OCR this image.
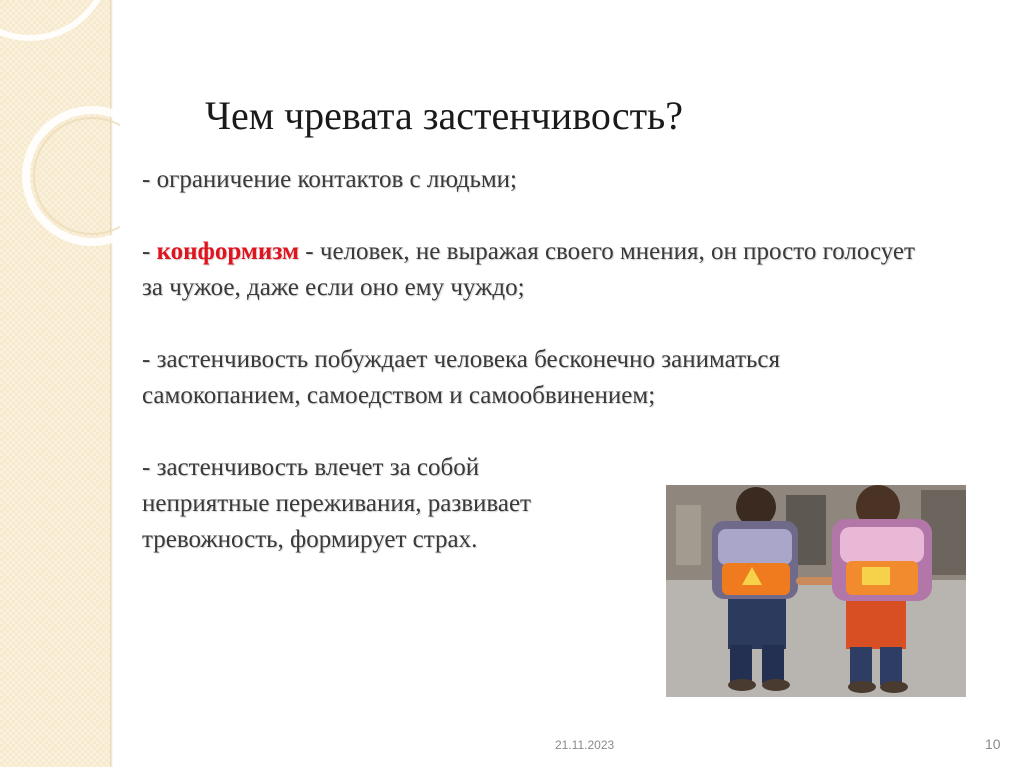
Чем чревата застенчивость?

- ограничение контактов с людьми;

- конформизм - человек, не выражая своего мнения, он просто голосует за чужое, даже если оно ему чуждо;

- застенчивость побуждает человека бесконечно заниматься самокопанием, самоедством и самообвинением;

- застенчивость влечет за собой
неприятные переживания, развивает
тревожность, формирует страх.

21.11.2023	10
